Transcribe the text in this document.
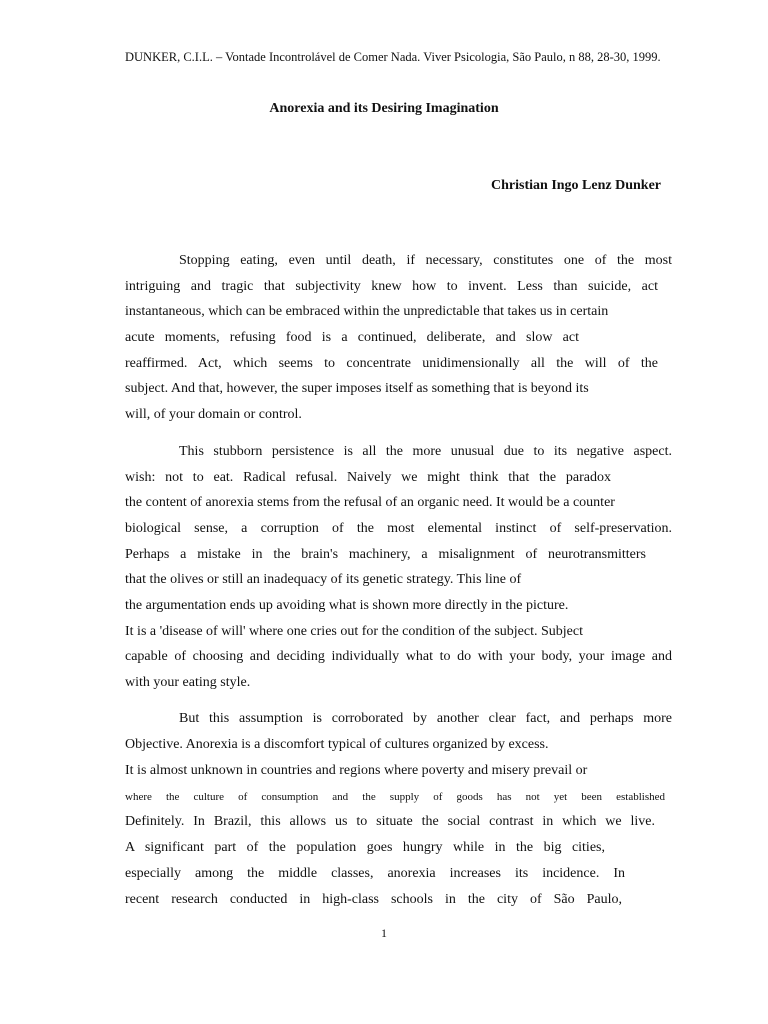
DUNKER, C.I.L. – Vontade Incontrolável de Comer Nada. Viver Psicologia, São Paulo, n 88, 28-30, 1999.
Anorexia and its Desiring Imagination
Christian Ingo Lenz Dunker
Stopping eating, even until death, if necessary, constitutes one of the most
intriguing and tragic that subjectivity knew how to invent. Less than suicide, act
instantaneous, which can be embraced within the unpredictable that takes us in certain
acute moments, refusing food is a continued, deliberate, and slow act
reaffirmed. Act, which seems to concentrate unidimensionally all the will of the
subject. And that, however, the super imposes itself as something that is beyond its
will, of your domain or control.
This stubborn persistence is all the more unusual due to its negative aspect.
wish: not to eat. Radical refusal. Naively we might think that the paradox
the content of anorexia stems from the refusal of an organic need. It would be a counter
biological sense, a corruption of the most elemental instinct of self-preservation.
Perhaps a mistake in the brain's machinery, a misalignment of neurotransmitters
that the olives or still an inadequacy of its genetic strategy. This line of
the argumentation ends up avoiding what is shown more directly in the picture.
It is a 'disease of will' where one cries out for the condition of the subject. Subject
capable of choosing and deciding individually what to do with your body, your image and
with your eating style.
But this assumption is corroborated by another clear fact, and perhaps more
Objective. Anorexia is a discomfort typical of cultures organized by excess.
It is almost unknown in countries and regions where poverty and misery prevail or
where the culture of consumption and the supply of goods has not yet been established
Definitely. In Brazil, this allows us to situate the social contrast in which we live.
A significant part of the population goes hungry while in the big cities,
especially among the middle classes, anorexia increases its incidence. In
recent research conducted in high-class schools in the city of São Paulo,
1
